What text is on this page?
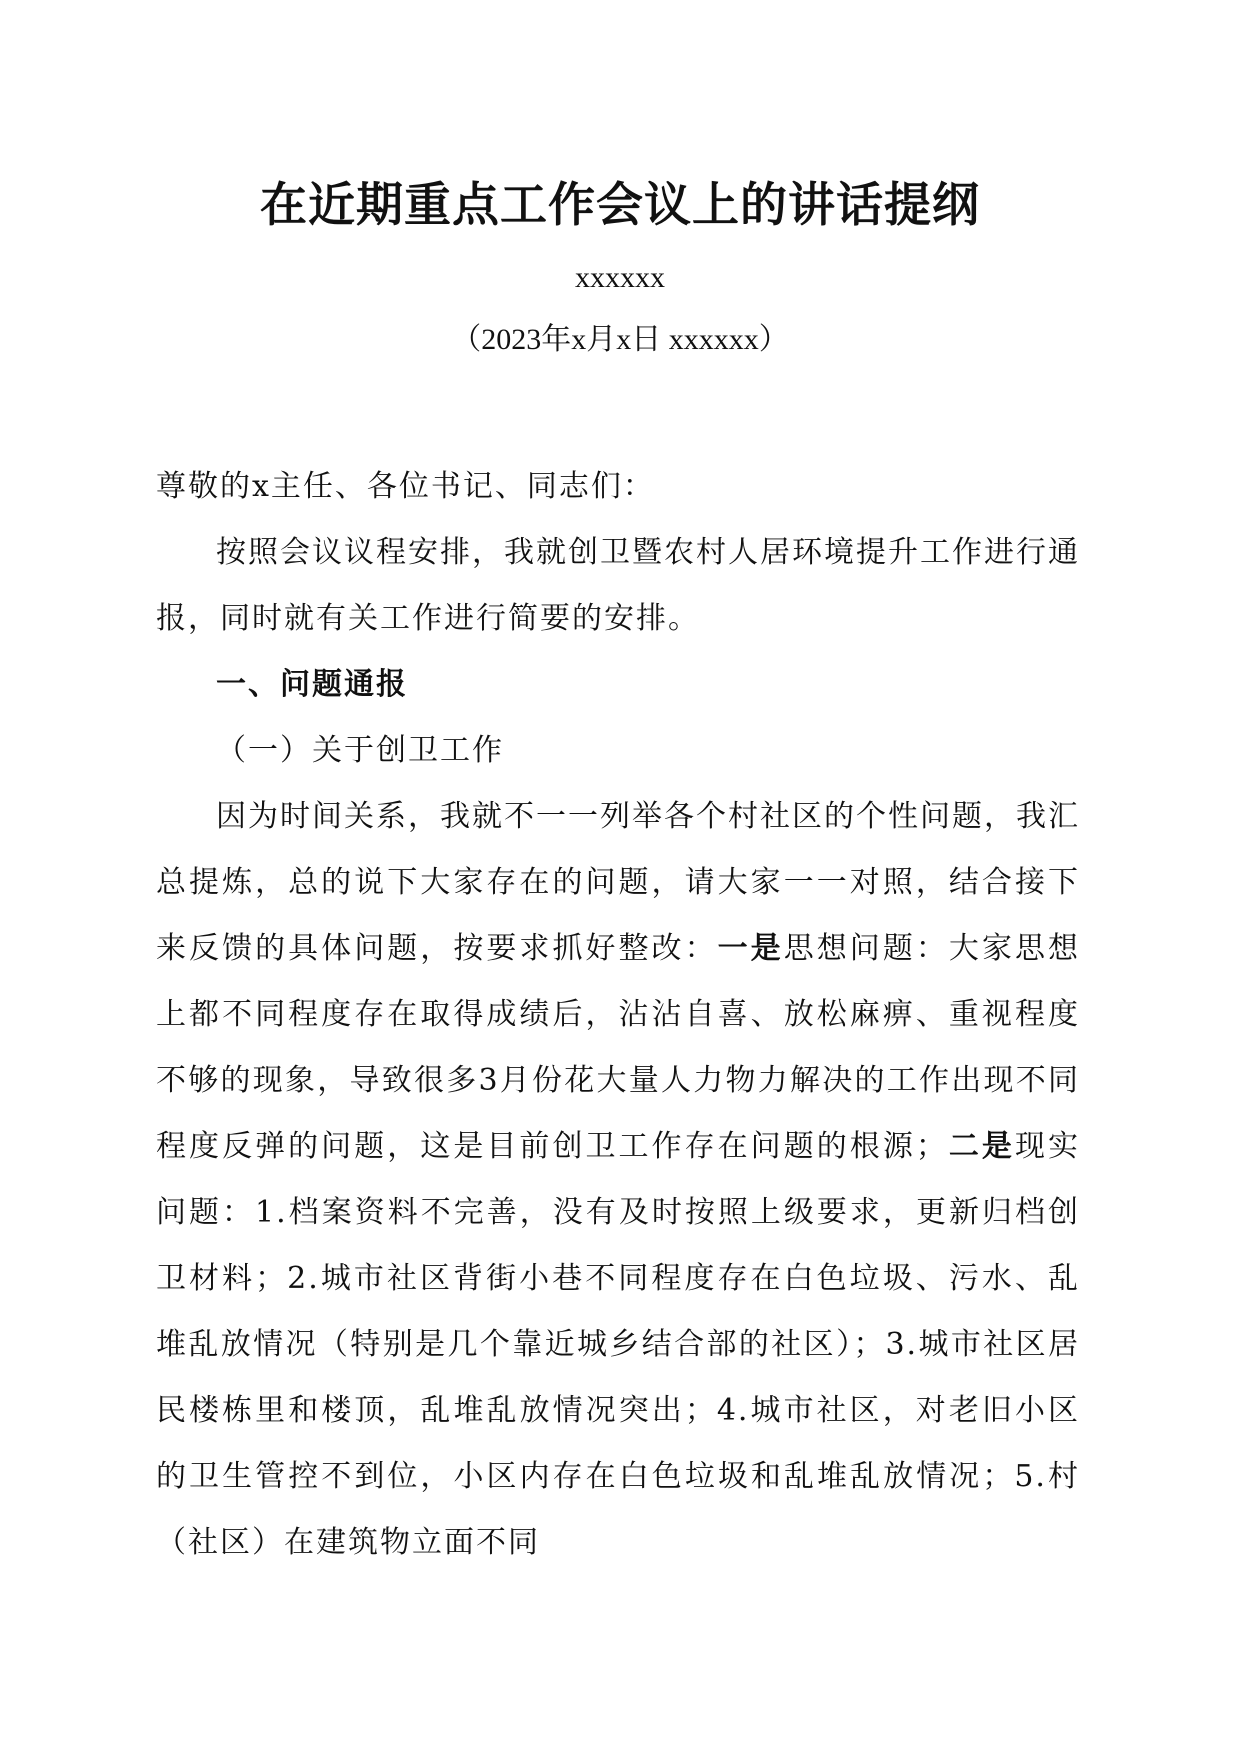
在近期重点工作会议上的讲话提纲
xxxxxx
（2023年x月x日 xxxxxx）

尊敬的x主任、各位书记、同志们：

按照会议议程安排，我就创卫暨农村人居环境提升工作进行通报，同时就有关工作进行简要的安排。

一、问题通报

（一）关于创卫工作

因为时间关系，我就不一一列举各个村社区的个性问题，我汇总提炼，总的说下大家存在的问题，请大家一一对照，结合接下来反馈的具体问题，按要求抓好整改：一是思想问题：大家思想上都不同程度存在取得成绩后，沾沾自喜、放松麻痹、重视程度不够的现象，导致很多3月份花大量人力物力解决的工作出现不同程度反弹的问题，这是目前创卫工作存在问题的根源；二是现实问题：1.档案资料不完善，没有及时按照上级要求，更新归档创卫材料；2.城市社区背街小巷不同程度存在白色垃圾、污水、乱堆乱放情况（特别是几个靠近城乡结合部的社区）；3.城市社区居民楼栋里和楼顶，乱堆乱放情况突出；4.城市社区，对老旧小区的卫生管控不到位，小区内存在白色垃圾和乱堆乱放情况；5.村（社区）在建筑物立面不同
